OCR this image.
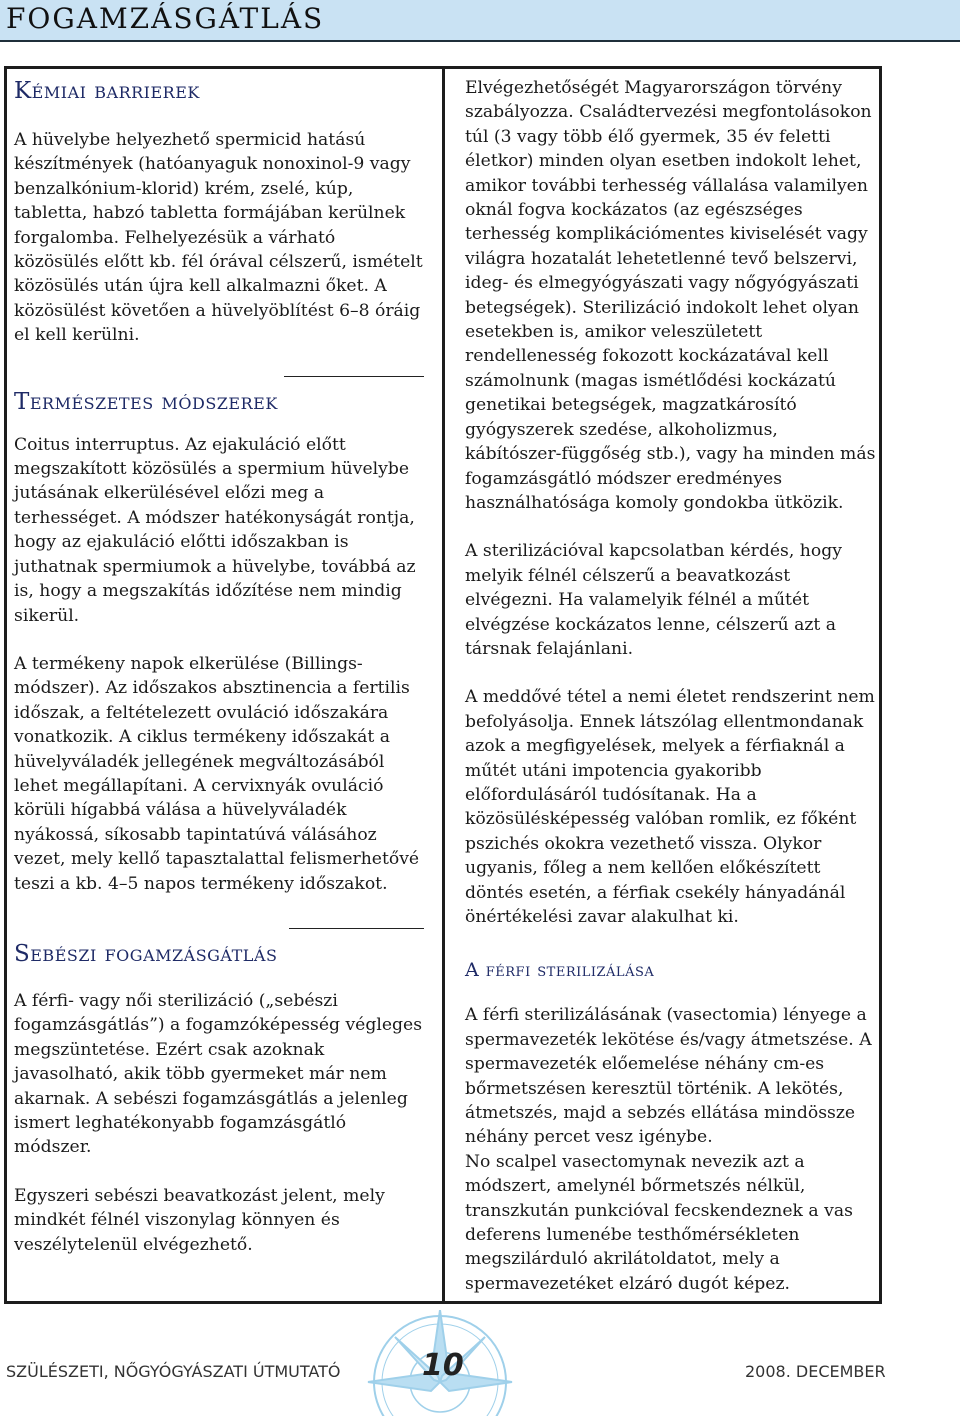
FOGAMZÁSGÁTLÁS
Kémiai barrierek

A hüvelybe helyezhető spermicid hatású készítmények (hatóanyaguk nonoxinol-9 vagy benzalkónium-klorid) krém, zselé, kúp, tabletta, habzó tabletta formájában kerülnek forgalomba. Felhelyezésük a várható közösülés előtt kb. fél órával célszerű, ismételt közösülés után újra kell alkalmazni őket. A közösülést követően a hüvelyöblítést 6–8 óráig el kell kerülni.

Természetes módszerek

Coitus interruptus. Az ejakuláció előtt megszakított közösülés a spermium hüvelybe jutásának elkerülésével előzi meg a terhességet. A módszer hatékonyságát rontja, hogy az ejakuláció előtti időszakban is juthatnak spermiumok a hüvelybe, továbbá az is, hogy a megszakítás időzítése nem mindig sikerül.

A termékeny napok elkerülése (Billings-módszer). Az időszakos absztinencia a fertilis időszak, a feltételezett ovuláció időszakára vonatkozik. A ciklus termékeny időszakát a hüvelyváladék jellegének megváltozásából lehet megállapítani. A cervixnyák ovuláció körüli hígabbá válása a hüvelyváladék nyákossá, síkosabb tapintatúvá válásához vezet, mely kellő tapasztalattal felismerhetővé teszi a kb. 4–5 napos termékeny időszakot.

Sebészi fogamzásgátlás

A férfi- vagy női sterilizáció („sebészi fogamzásgátlás”) a fogamzóképesség végleges megszüntetése. Ezért csak azoknak javasolható, akik több gyermeket már nem akarnak. A sebészi fogamzásgátlás a jelenleg ismert leghatékonyabb fogamzásgátló módszer.

Egyszeri sebészi beavatkozást jelent, mely mindkét félnél viszonylag könnyen és veszélytelenül elvégezhető.

Elvégezhetőségét Magyarországon törvény szabályozza. Családtervezési megfontolásokon túl (3 vagy több élő gyermek, 35 év feletti életkor) minden olyan esetben indokolt lehet, amikor további terhesség vállalása valamilyen oknál fogva kockázatos (az egészséges terhesség komplikációmentes kiviselését vagy világra hozatalát lehetetlenné tevő belszervi, ideg- és elmegyógyászati vagy nőgyógyászati betegségek). Sterilizáció indokolt lehet olyan esetekben is, amikor veleszületett rendellenesség fokozott kockázatával kell számolnunk (magas ismétlődési kockázatú genetikai betegségek, magzatkárosító gyógyszerek szedése, alkoholizmus, kábítószer-függőség stb.), vagy ha minden más fogamzásgátló módszer eredményes használhatósága komoly gondokba ütközik.

A sterilizációval kapcsolatban kérdés, hogy melyik félnél célszerű a beavatkozást elvégezni. Ha valamelyik félnél a műtét elvégzése kockázatos lenne, célszerű azt a társnak felajánlani.

A meddővé tétel a nemi életet rendszerint nem befolyásolja. Ennek látszólag ellentmondanak azok a megfigyelések, melyek a férfiaknál a műtét utáni impotencia gyakoribb előfordulásáról tudósítanak. Ha a közösülésképesség valóban romlik, ez főként pszichés okokra vezethető vissza. Olykor ugyanis, főleg a nem kellően előkészített döntés esetén, a férfiak csekély hányadánál önértékelési zavar alakulhat ki.

A férfi sterilizálása

A férfi sterilizálásának (vasectomia) lényege a spermavezeték lekötése és/vagy átmetszése. A spermavezeték előemelése néhány cm-es bőrmetszésen keresztül történik. A lekötés, átmetszés, majd a sebzés ellátása mindössze néhány percet vesz igénybe.

No scalpel vasectomynak nevezik azt a módszert, amelynél bőrmetszés nélkül, transzkután punkcióval fecskendeznek a vas deferens lumenébe testhőmérsékleten megszilárduló akrilátoldatot, mely a spermavezetéket elzáró dugót képez.

SZÜLÉSZETI, NŐGYÓGYÁSZATI ÚTMUTATÓ	10	2008. DECEMBER
